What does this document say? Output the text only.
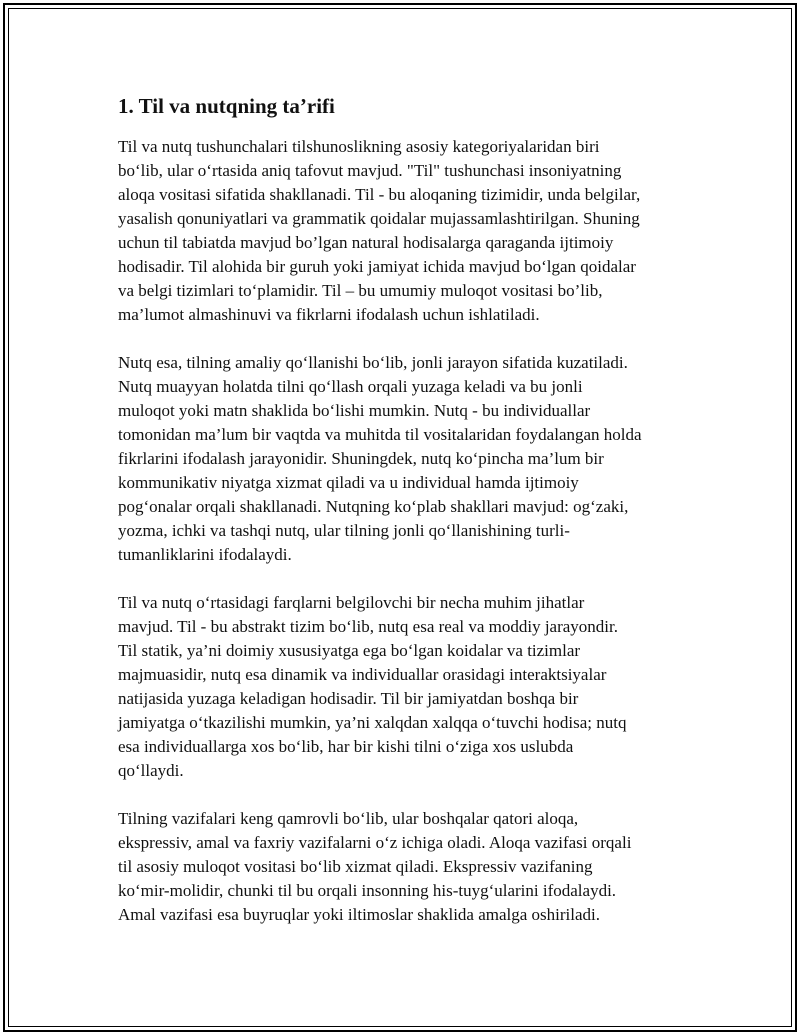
1. Til va nutqning ta’rifi
Til va nutq tushunchalari tilshunoslikning asosiy kategoriyalaridan biri
bo‘lib, ular o‘rtasida aniq tafovut mavjud. "Til" tushunchasi insoniyatning
aloqa vositasi sifatida shakllanadi. Til - bu aloqaning tizimidir, unda belgilar,
yasalish qonuniyatlari va grammatik qoidalar mujassamlashtirilgan. Shuning
uchun til tabiatda mavjud bo’lgan natural hodisalarga qaraganda ijtimoiy
hodisadir. Til alohida bir guruh yoki jamiyat ichida mavjud bo‘lgan qoidalar
va belgi tizimlari to‘plamidir. Til – bu umumiy muloqot vositasi bo’lib,
ma’lumot almashinuvi va fikrlarni ifodalash uchun ishlatiladi.
Nutq esa, tilning amaliy qo‘llanishi bo‘lib, jonli jarayon sifatida kuzatiladi.
Nutq muayyan holatda tilni qo‘llash orqali yuzaga keladi va bu jonli
muloqot yoki matn shaklida bo‘lishi mumkin. Nutq - bu individuallar
tomonidan ma’lum bir vaqtda va muhitda til vositalaridan foydalangan holda
fikrlarini ifodalash jarayonidir. Shuningdek, nutq ko‘pincha ma’lum bir
kommunikativ niyatga xizmat qiladi va u individual hamda ijtimoiy
pog‘onalar orqali shakllanadi. Nutqning ko‘plab shakllari mavjud: og‘zaki,
yozma, ichki va tashqi nutq, ular tilning jonli qo‘llanishining turli-
tumanliklarini ifodalaydi.
Til va nutq o‘rtasidagi farqlarni belgilovchi bir necha muhim jihatlar
mavjud. Til - bu abstrakt tizim bo‘lib, nutq esa real va moddiy jarayondir.
Til statik, ya’ni doimiy xususiyatga ega bo‘lgan koidalar va tizimlar
majmuasidir, nutq esa dinamik va individuallar orasidagi interaktsiyalar
natijasida yuzaga keladigan hodisadir. Til bir jamiyatdan boshqa bir
jamiyatga o‘tkazilishi mumkin, ya’ni xalqdan xalqqa o‘tuvchi hodisa; nutq
esa individuallarga xos bo‘lib, har bir kishi tilni o‘ziga xos uslubda
qo‘llaydi.
Tilning vazifalari keng qamrovli bo‘lib, ular boshqalar qatori aloqa,
ekspressiv, amal va faxriy vazifalarni o‘z ichiga oladi. Aloqa vazifasi orqali
til asosiy muloqot vositasi bo‘lib xizmat qiladi. Ekspressiv vazifaning
ko‘mir-molidir, chunki til bu orqali insonning his-tuyg‘ularini ifodalaydi.
Amal vazifasi esa buyruqlar yoki iltimoslar shaklida amalga oshiriladi.
